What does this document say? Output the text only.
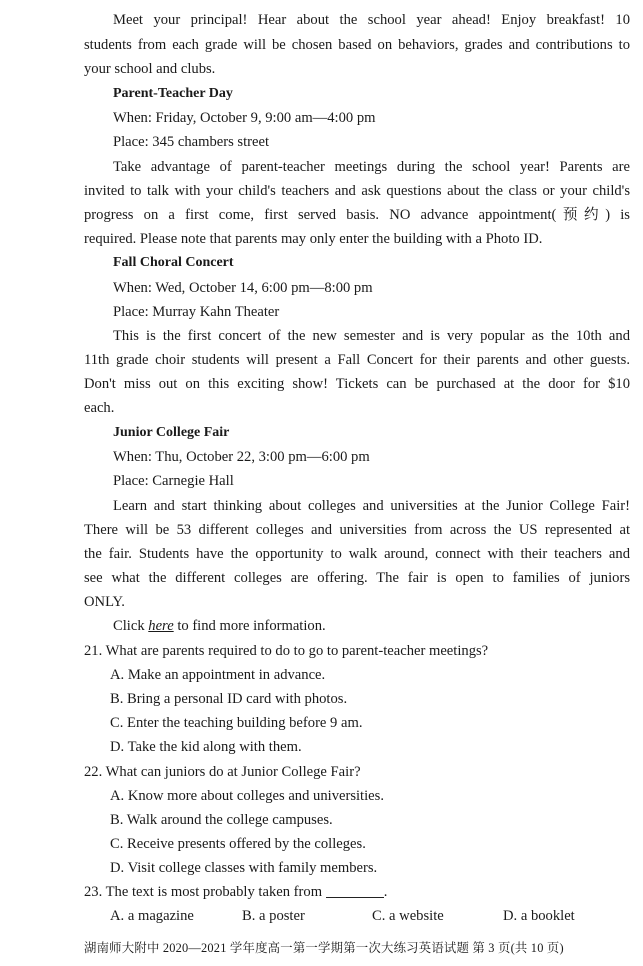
Meet your principal! Hear about the school year ahead! Enjoy breakfast! 10
students from each grade will be chosen based on behaviors, grades and contributions to
your school and clubs.
Parent-Teacher Day
When: Friday, October 9, 9:00 am—4:00 pm
Place: 345 chambers street
Take advantage of parent-teacher meetings during the school year! Parents are
invited to talk with your child's teachers and ask questions about the class or your child's
progress on a first come, first served basis. NO advance appointment(预约) is
required. Please note that parents may only enter the building with a Photo ID.
Fall Choral Concert
When: Wed, October 14, 6:00 pm—8:00 pm
Place: Murray Kahn Theater
This is the first concert of the new semester and is very popular as the 10th and
11th grade choir students will present a Fall Concert for their parents and other guests.
Don't miss out on this exciting show! Tickets can be purchased at the door for $10
each.
Junior College Fair
When: Thu, October 22, 3:00 pm—6:00 pm
Place: Carnegie Hall
Learn and start thinking about colleges and universities at the Junior College Fair!
There will be 53 different colleges and universities from across the US represented at
the fair. Students have the opportunity to walk around, connect with their teachers and
see what the different colleges are offering. The fair is open to families of juniors
ONLY.
Click here to find more information.
21. What are parents required to do to go to parent-teacher meetings?
A. Make an appointment in advance.
B. Bring a personal ID card with photos.
C. Enter the teaching building before 9 am.
D. Take the kid along with them.
22. What can juniors do at Junior College Fair?
A. Know more about colleges and universities.
B. Walk around the college campuses.
C. Receive presents offered by the colleges.
D. Visit college classes with family members.
23. The text is most probably taken from	.
A. a magazine	B. a poster	C. a website	D. a booklet
湖南师大附中 2020—2021 学年度高一第一学期第一次大练习英语试题 第 3 页(共 10 页)
